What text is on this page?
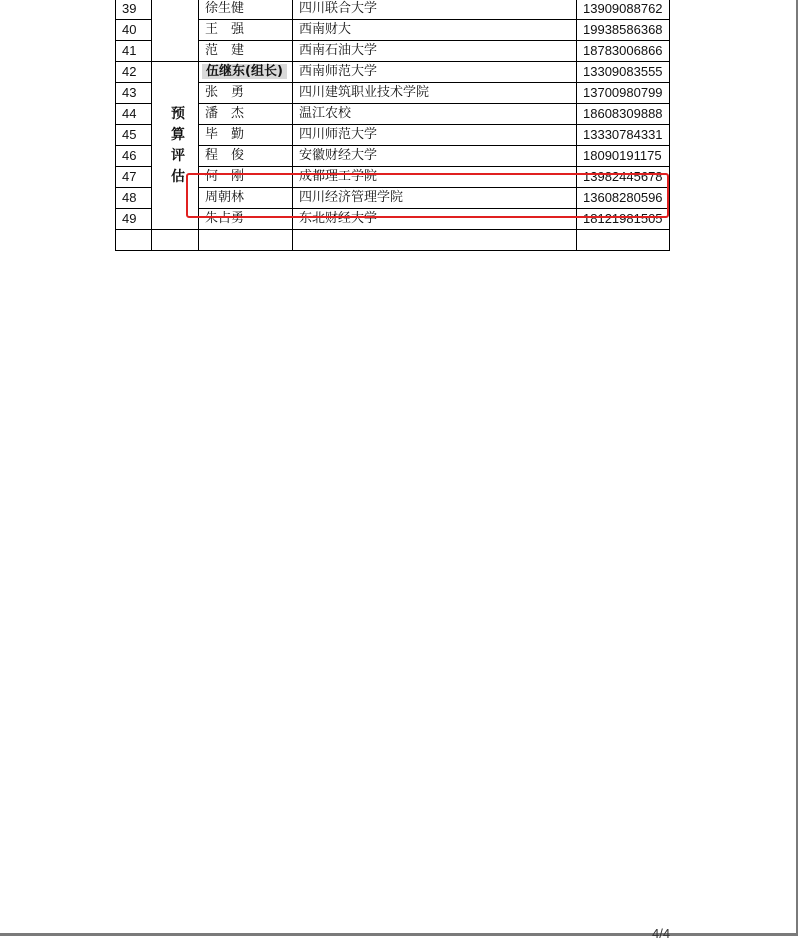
39		徐生健	四川联合大学	13909088762
40		王　强	西南财大	19938586368
41		范　建	西南石油大学	18783006866
42	预算评估	伍继东(组长)	西南师范大学	13309083555
43		张　勇	四川建筑职业技术学院	13700980799
44		潘　杰	温江农校	18608309888
45		毕　勤	四川师范大学	13330784331
46		程　俊	安徽财经大学	18090191175
47		何　刚	成都理工学院	13982445678
48		周朝林	四川经济管理学院	13608280596
49		朱占勇	东北财经大学	18121981505

4/4
